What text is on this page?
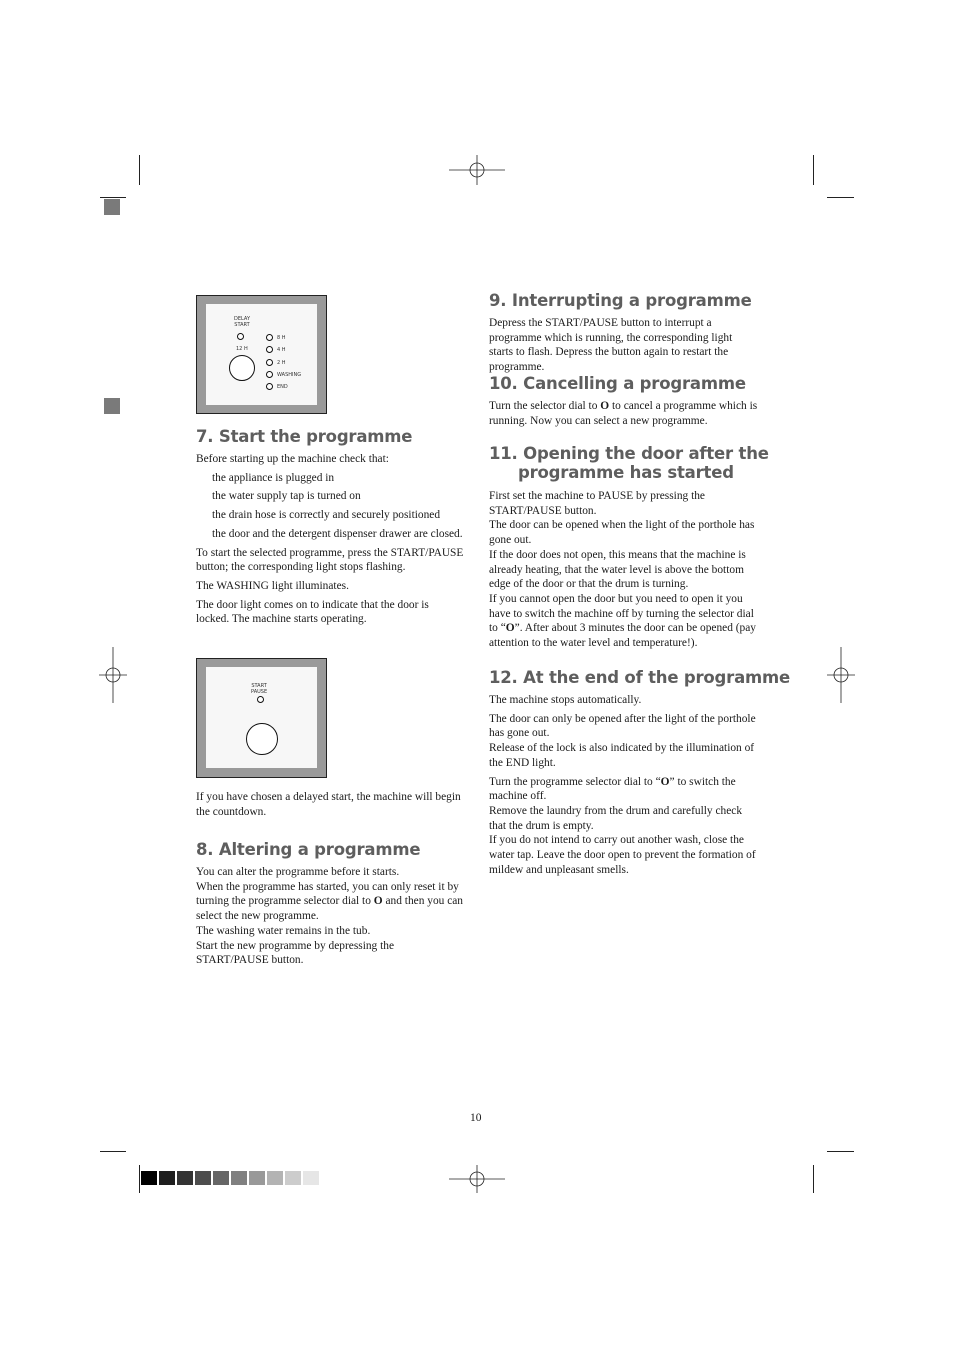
DELAY
START
12 H
8 H
4 H
2 H
WASHING
END
7. Start the programme

Before starting up the machine check that:

the appliance is plugged in
the water supply tap is turned on
the drain hose is correctly and securely positioned
the door and the detergent dispenser drawer are closed.

To start the selected programme, press the START/PAUSE button; the corresponding light stops flashing.

The WASHING light illuminates.

The door light comes on to indicate that the door is locked. The machine starts operating.

START
PAUSE

If you have chosen a delayed start, the machine will begin the countdown.

8. Altering a programme

You can alter the programme before it starts.

When the programme has started, you can only reset it by turning the programme selector dial to O and then you can select the new programme.

The washing water remains in the tub.

Start the new programme by depressing the START/PAUSE button.

9. Interrupting a programme

Depress the START/PAUSE button to interrupt a programme which is running, the corresponding light starts to flash. Depress the button again to restart the programme.

10. Cancelling a programme

Turn the selector dial to O to cancel a programme which is running. Now you can select a new programme.

11. Opening the door after the
programme has started

First set the machine to PAUSE by pressing the START/PAUSE button.

The door can be opened when the light of the porthole has gone out.

If the door does not open, this means that the machine is already heating, that the water level is above the bottom edge of the door or that the drum is turning.

If you cannot open the door but you need to open it you have to switch the machine off by turning the selector dial to “O”. After about 3 minutes the door can be opened (pay attention to the water level and temperature!).

12. At the end of the programme

The machine stops automatically.

The door can only be opened after the light of the porthole has gone out.

Release of the lock is also indicated by the illumination of the END light.

Turn the programme selector dial to “O” to switch the machine off.

Remove the laundry from the drum and carefully check that the drum is empty.

If you do not intend to carry out another wash, close the water tap. Leave the door open to prevent the formation of mildew and unpleasant smells.

10
